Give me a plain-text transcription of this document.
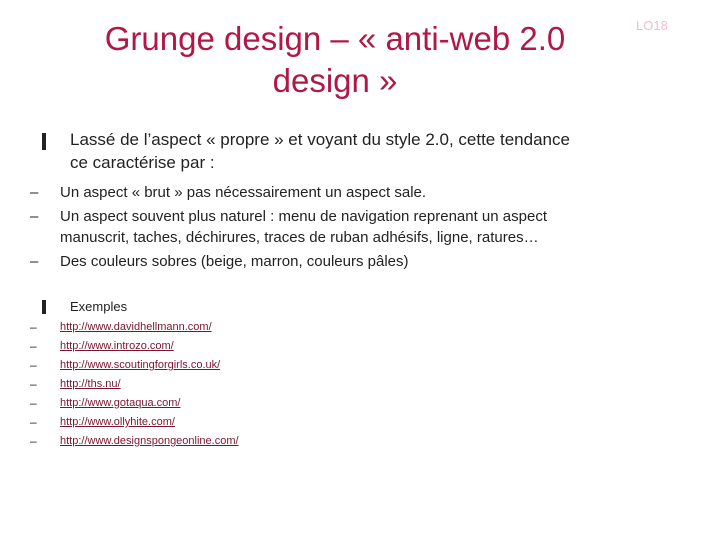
Grunge design – « anti-web 2.0
design »
LO18
Lassé de l’aspect « propre » et voyant du style 2.0, cette tendance
ce caractérise par :
– Un aspect « brut » pas nécessairement un aspect sale.
– Un aspect souvent plus naturel : menu de navigation reprenant un aspect
manuscrit, taches, déchirures, traces de ruban adhésifs, ligne, ratures…
– Des couleurs sobres (beige, marron, couleurs pâles)
Exemples
– http://www.davidhellmann.com/
– http://www.introzo.com/
– http://www.scoutingforgirls.co.uk/
– http://ths.nu/
– http://www.gotaqua.com/
– http://www.ollyhite.com/
– http://www.designspongeonline.com/
